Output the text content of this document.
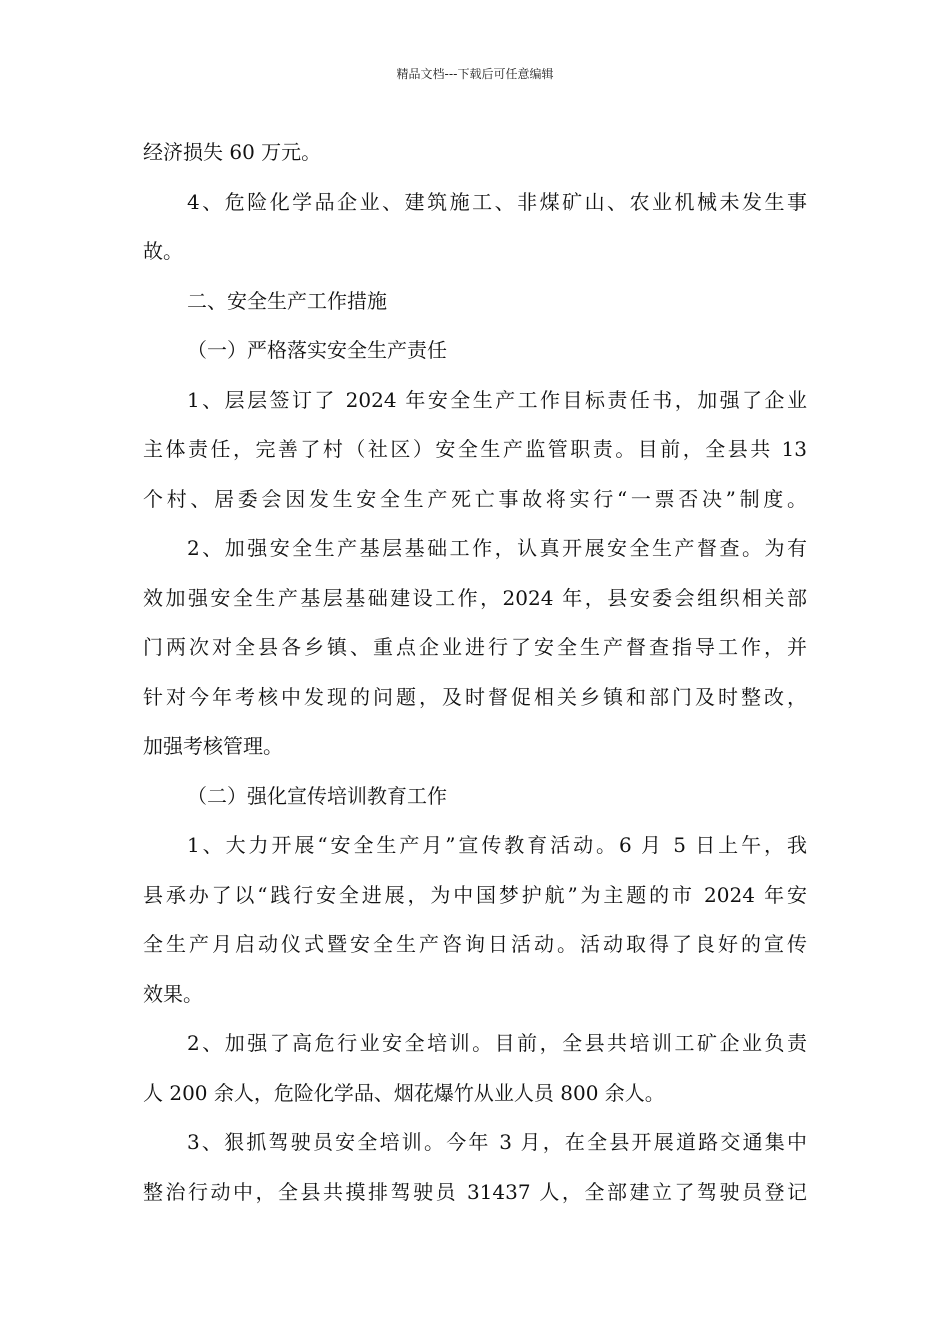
精品文档---下载后可任意编辑
经济损失 60 万元。
4、危险化学品企业、建筑施工、非煤矿山、农业机械未发生事
故。
二、安全生产工作措施
（一）严格落实安全生产责任
1、层层签订了 2024 年安全生产工作目标责任书，加强了企业
主体责任，完善了村（社区）安全生产监管职责。目前，全县共 13
个村、居委会因发生安全生产死亡事故将实行“一票否决”制度。
2、加强安全生产基层基础工作，认真开展安全生产督查。为有
效加强安全生产基层基础建设工作，2024 年，县安委会组织相关部
门两次对全县各乡镇、重点企业进行了安全生产督查指导工作，并
针对今年考核中发现的问题，及时督促相关乡镇和部门及时整改，
加强考核管理。
（二）强化宣传培训教育工作
1、大力开展“安全生产月”宣传教育活动。6 月 5 日上午，我
县承办了以“践行安全进展，为中国梦护航”为主题的市 2024 年安
全生产月启动仪式暨安全生产咨询日活动。活动取得了良好的宣传
效果。
2、加强了高危行业安全培训。目前，全县共培训工矿企业负责
人 200 余人，危险化学品、烟花爆竹从业人员 800 余人。
3、狠抓驾驶员安全培训。今年 3 月，在全县开展道路交通集中
整治行动中，全县共摸排驾驶员 31437 人，全部建立了驾驶员登记
